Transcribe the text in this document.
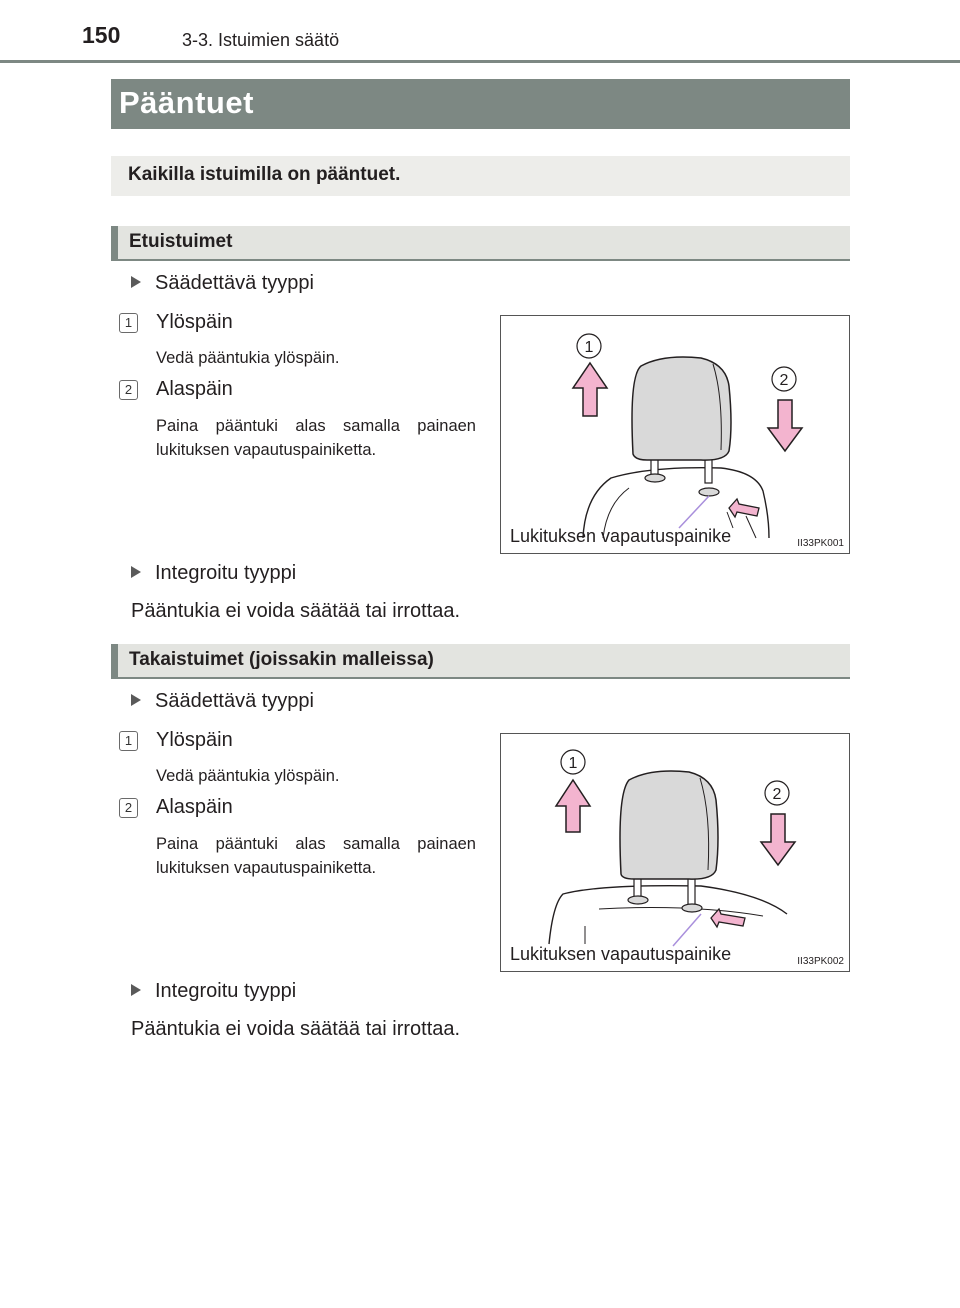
150	3-3. Istuimien säätö
Pääntuet
Kaikilla istuimilla on pääntuet.
Etuistuimet
Säädettävä tyyppi
1 Ylöspäin
Vedä pääntukia ylöspäin.
2 Alaspäin
Paina pääntuki alas samalla painaen lukituksen vapautuspainiketta.
1
2
Lukituksen vapautuspainike	II33PK001
Integroitu tyyppi
Pääntukia ei voida säätää tai irrottaa.
Takaistuimet (joissakin malleissa)
Säädettävä tyyppi
1 Ylöspäin
Vedä pääntukia ylöspäin.
2 Alaspäin
Paina pääntuki alas samalla painaen lukituksen vapautuspainiketta.
1
2
Lukituksen vapautuspainike	II33PK002
Integroitu tyyppi
Pääntukia ei voida säätää tai irrottaa.
